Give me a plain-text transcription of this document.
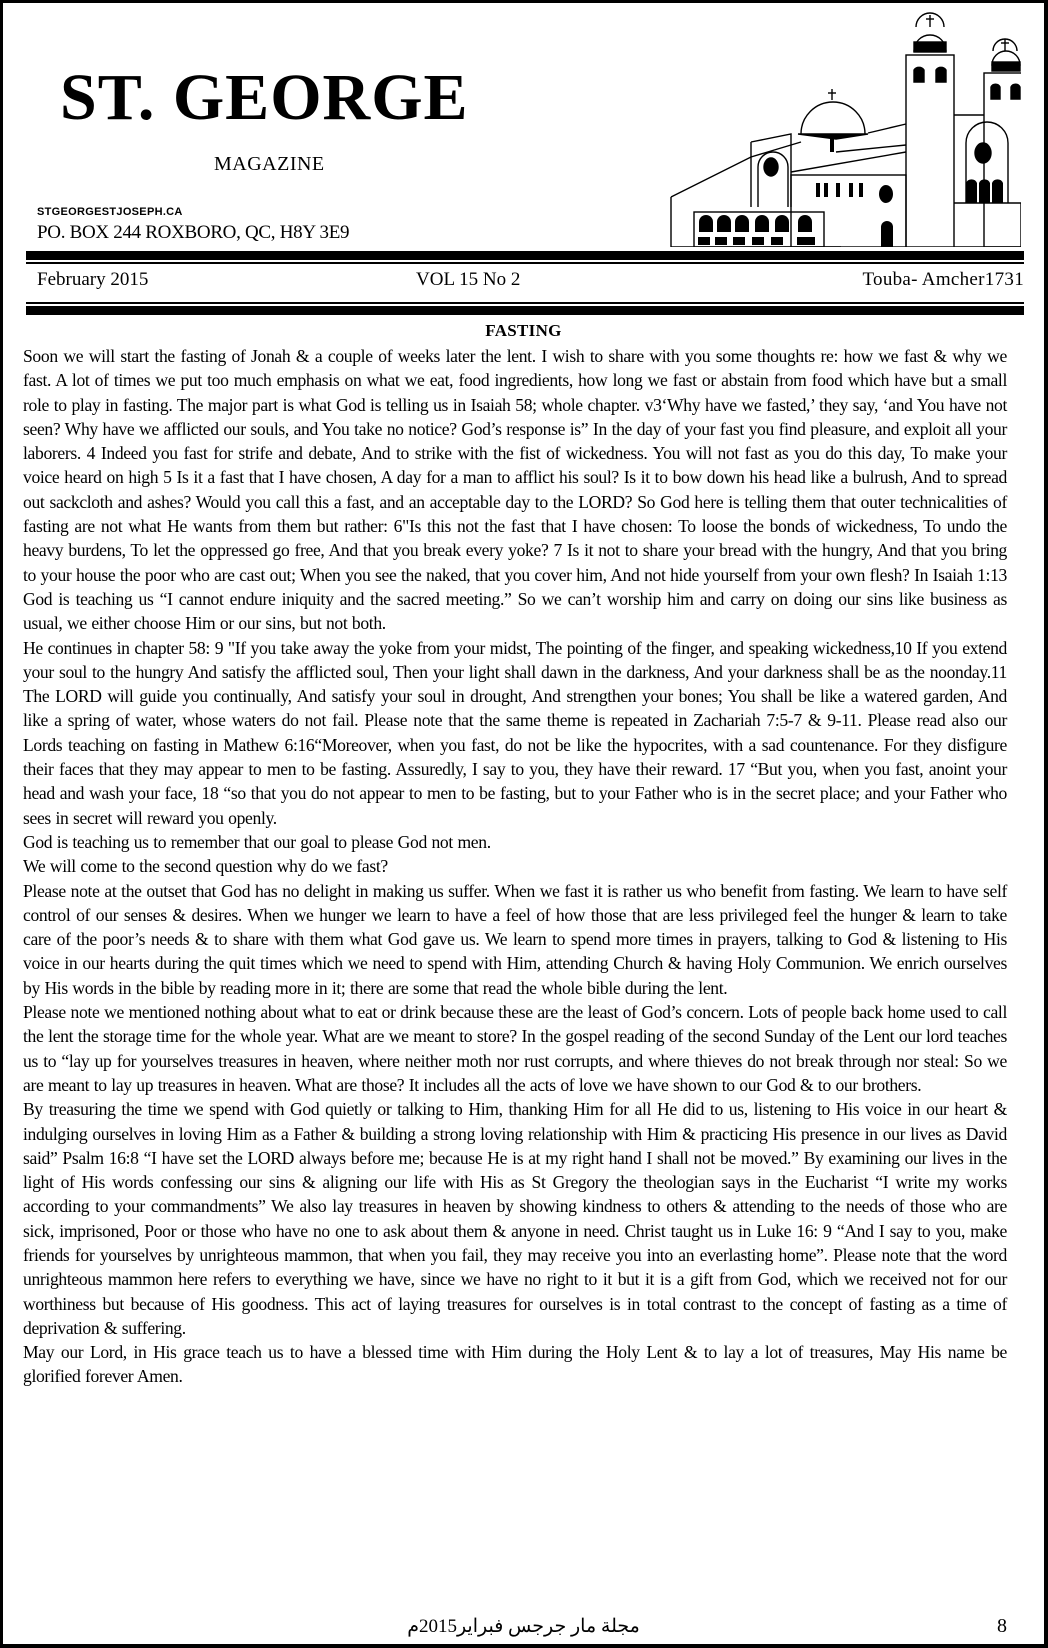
ST. GEORGE
MAGAZINE
STGEORGESTJOSEPH.CA
PO. BOX 244 ROXBORO, QC, H8Y 3E9
February 2015	VOL 15 No 2	Touba- Amcher1731
FASTING

Soon we will start the fasting of Jonah & a couple of weeks later the lent. I wish to share with you some thoughts re: how we fast & why we fast. A lot of times we put too much emphasis on what we eat, food ingredients, how long we fast or abstain from food which have but a small role to play in fasting. The major part is what God is telling us in Isaiah 58; whole chapter. v3‘Why have we fasted,’ they say, ‘and You have not seen? Why have we afflicted our souls, and You take no notice? God’s response is” In the day of your fast you find pleasure, and exploit all your laborers. 4 Indeed you fast for strife and debate, And to strike with the fist of wickedness. You will not fast as you do this day, To make your voice heard on high 5 Is it a fast that I have chosen, A day for a man to afflict his soul? Is it to bow down his head like a bulrush, And to spread out sackcloth and ashes? Would you call this a fast, and an acceptable day to the LORD? So God here is telling them that outer technicalities of fasting are not what He wants from them but rather: 6"Is this not the fast that I have chosen: To loose the bonds of wickedness, To undo the heavy burdens, To let the oppressed go free, And that you break every yoke? 7 Is it not to share your bread with the hungry, And that you bring to your house the poor who are cast out; When you see the naked, that you cover him, And not hide yourself from your own flesh? In Isaiah 1:13 God is teaching us “I cannot endure iniquity and the sacred meeting.” So we can’t worship him and carry on doing our sins like business as usual, we either choose Him or our sins, but not both.

He continues in chapter 58: 9 "If you take away the yoke from your midst, The pointing of the finger, and speaking wickedness,10 If you extend your soul to the hungry And satisfy the afflicted soul, Then your light shall dawn in the darkness, And your darkness shall be as the noonday.11 The LORD will guide you continually, And satisfy your soul in drought, And strengthen your bones; You shall be like a watered garden, And like a spring of water, whose waters do not fail. Please note that the same theme is repeated in Zachariah 7:5-7 & 9-11. Please read also our Lords teaching on fasting in Mathew 6:16“Moreover, when you fast, do not be like the hypocrites, with a sad countenance. For they disfigure their faces that they may appear to men to be fasting. Assuredly, I say to you, they have their reward. 17 “But you, when you fast, anoint your head and wash your face, 18 “so that you do not appear to men to be fasting, but to your Father who is in the secret place; and your Father who sees in secret will reward you openly.

God is teaching us to remember that our goal to please God not men.

We will come to the second question why do we fast?

Please note at the outset that God has no delight in making us suffer. When we fast it is rather us who benefit from fasting. We learn to have self control of our senses & desires. When we hunger we learn to have a feel of how those that are less privileged feel the hunger & learn to take care of the poor’s needs & to share with them what God gave us. We learn to spend more times in prayers, talking to God & listening to His voice in our hearts during the quit times which we need to spend with Him, attending Church & having Holy Communion. We enrich ourselves by His words in the bible by reading more in it; there are some that read the whole bible during the lent.

Please note we mentioned nothing about what to eat or drink because these are the least of God’s concern. Lots of people back home used to call the lent the storage time for the whole year. What are we meant to store? In the gospel reading of the second Sunday of the Lent our lord teaches us to “lay up for yourselves treasures in heaven, where neither moth nor rust corrupts, and where thieves do not break through nor steal: So we are meant to lay up treasures in heaven. What are those? It includes all the acts of love we have shown to our God & to our brothers.

By treasuring the time we spend with God quietly or talking to Him, thanking Him for all He did to us, listening to His voice in our heart & indulging ourselves in loving Him as a Father & building a strong loving relationship with Him & practicing His presence in our lives as David said” Psalm 16:8 “I have set the LORD always before me; because He is at my right hand I shall not be moved.” By examining our lives in the light of His words confessing our sins & aligning our life with His as St Gregory the theologian says in the Eucharist “I write my works according to your commandments” We also lay treasures in heaven by showing kindness to others & attending to the needs of those who are sick, imprisoned, Poor or those who have no one to ask about them & anyone in need. Christ taught us in Luke 16: 9 “And I say to you, make friends for yourselves by unrighteous mammon, that when you fail, they may receive you into an everlasting home”. Please note that the word unrighteous mammon here refers to everything we have, since we have no right to it but it is a gift from God, which we received not for our worthiness but because of His goodness. This act of laying treasures for ourselves is in total contrast to the concept of fasting as a time of deprivation & suffering.

May our Lord, in His grace teach us to have a blessed time with Him during the Holy Lent & to lay a lot of treasures, May His name be glorified forever Amen.

مجلة مار جرجس فبراير2015م	8
